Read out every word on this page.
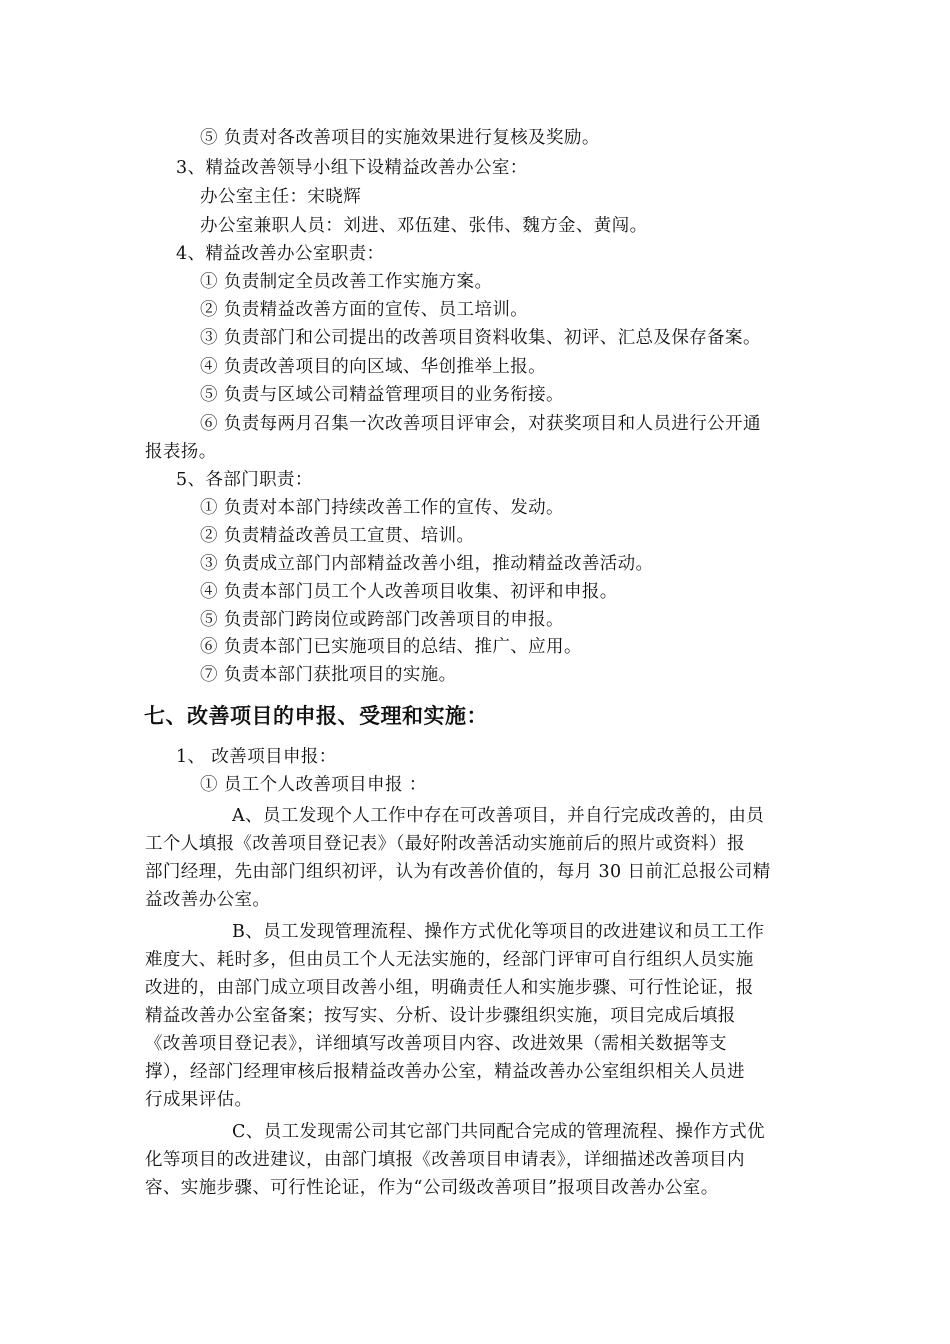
⑤ 负责对各改善项目的实施效果进行复核及奖励。
3、精益改善领导小组下设精益改善办公室：
办公室主任：宋晓辉
办公室兼职人员：刘进、邓伍建、张伟、魏方金、黄闯。
4、精益改善办公室职责：
① 负责制定全员改善工作实施方案。
② 负责精益改善方面的宣传、员工培训。
③ 负责部门和公司提出的改善项目资料收集、初评、汇总及保存备案。
④ 负责改善项目的向区域、华创推举上报。
⑤ 负责与区域公司精益管理项目的业务衔接。
⑥ 负责每两月召集一次改善项目评审会，对获奖项目和人员进行公开通
报表扬。
5、各部门职责：
① 负责对本部门持续改善工作的宣传、发动。
② 负责精益改善员工宣贯、培训。
③ 负责成立部门内部精益改善小组，推动精益改善活动。
④ 负责本部门员工个人改善项目收集、初评和申报。
⑤ 负责部门跨岗位或跨部门改善项目的申报。
⑥ 负责本部门已实施项目的总结、推广、应用。
⑦ 负责本部门获批项目的实施。
七、改善项目的申报、受理和实施：
1、 改善项目申报：
① 员工个人改善项目申报 ：
A、员工发现个人工作中存在可改善项目，并自行完成改善的，由员
工个人填报《改善项目登记表》（最好附改善活动实施前后的照片或资料）报
部门经理，先由部门组织初评，认为有改善价值的，每月 30 日前汇总报公司精
益改善办公室。
B、员工发现管理流程、操作方式优化等项目的改进建议和员工工作
难度大、耗时多，但由员工个人无法实施的，经部门评审可自行组织人员实施
改进的，由部门成立项目改善小组，明确责任人和实施步骤、可行性论证，报
精益改善办公室备案；按写实、分析、设计步骤组织实施，项目完成后填报
《改善项目登记表》，详细填写改善项目内容、改进效果（需相关数据等支
撑），经部门经理审核后报精益改善办公室，精益改善办公室组织相关人员进
行成果评估。
C、员工发现需公司其它部门共同配合完成的管理流程、操作方式优
化等项目的改进建议，由部门填报《改善项目申请表》，详细描述改善项目内
容、实施步骤、可行性论证，作为“公司级改善项目”报项目改善办公室。
